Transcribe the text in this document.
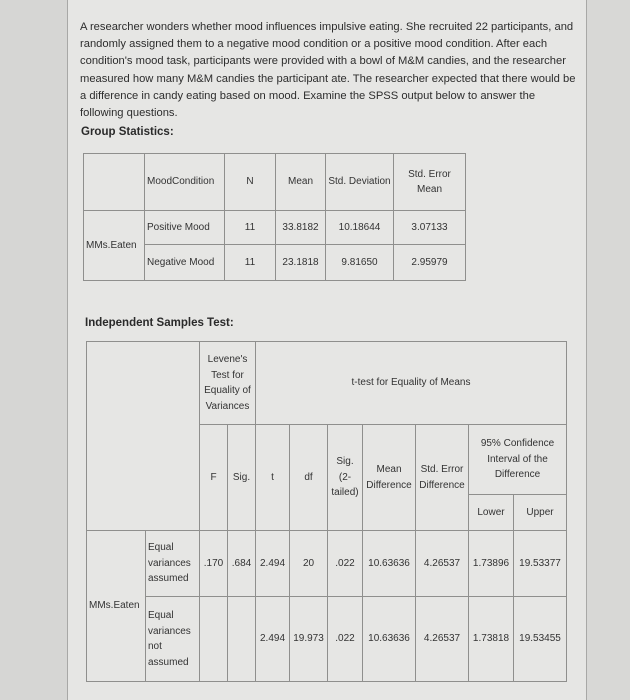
A researcher wonders whether mood influences impulsive eating. She recruited 22 participants, and randomly assigned them to a negative mood condition or a positive mood condition. After each condition's mood task, participants were provided with a bowl of M&M candies, and the researcher measured how many M&M candies the participant ate. The researcher expected that there would be a difference in candy eating based on mood. Examine the SPSS output below to answer the following questions.
Group Statistics:
	MoodCondition	N	Mean	Std. Deviation	Std. Error Mean
MMs.Eaten	Positive Mood	11	33.8182	10.18644	3.07133
	Negative Mood	11	23.1818	9.81650	2.95979
Independent Samples Test:
		Levene's Test for Equality of Variances		t-test for Equality of Means						
		F	Sig.	t	df	Sig. (2-tailed)	Mean Difference	Std. Error Difference	95% Confidence Interval of the Difference	
									Lower	Upper
MMs.Eaten	Equal variances assumed	.170	.684	2.494	20	.022	10.63636	4.26537	1.73896	19.53377
	Equal variances not assumed			2.494	19.973	.022	10.63636	4.26537	1.73818	19.53455
